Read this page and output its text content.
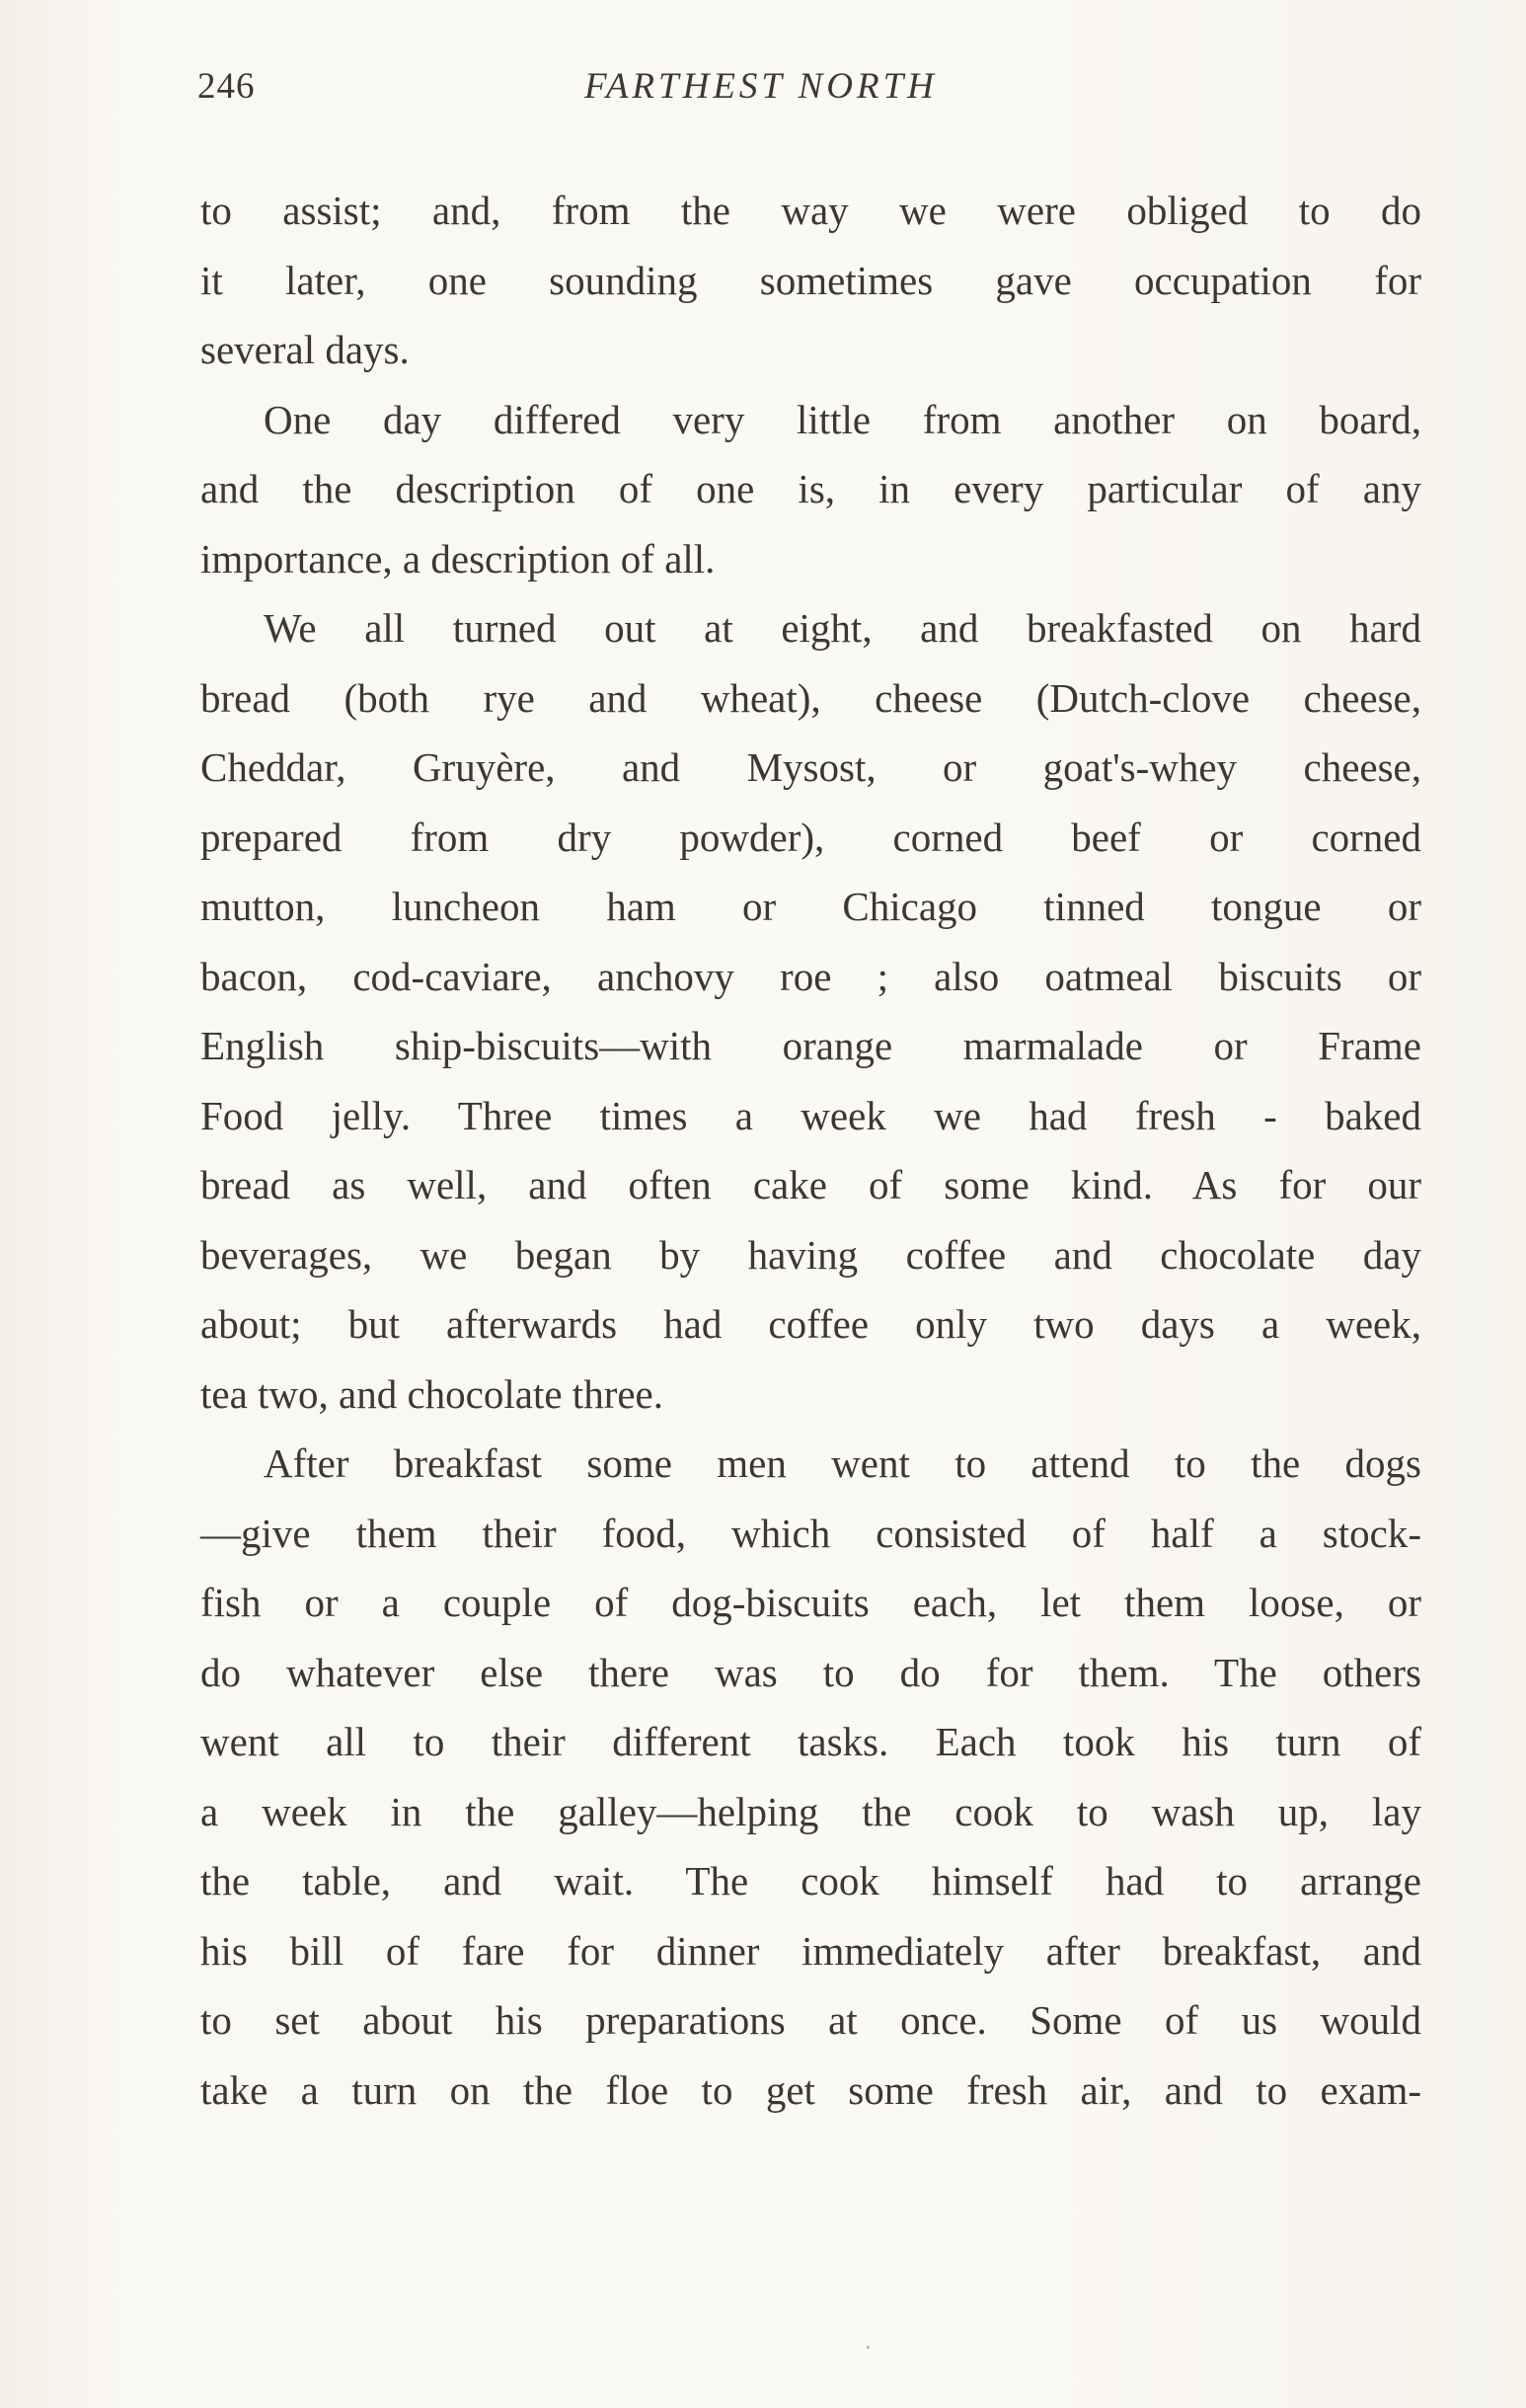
246	FARTHEST NORTH
to assist; and, from the way we were obliged to do
it later, one sounding sometimes gave occupation for
several days.
One day differed very little from another on board,
and the description of one is, in every particular of any
importance, a description of all.
We all turned out at eight, and breakfasted on hard
bread (both rye and wheat), cheese (Dutch-clove cheese,
Cheddar, Gruyère, and Mysost, or goat's-whey cheese,
prepared from dry powder), corned beef or corned
mutton, luncheon ham or Chicago tinned tongue or
bacon, cod-caviare, anchovy roe ; also oatmeal biscuits or
English ship-biscuits—with orange marmalade or Frame
Food jelly. Three times a week we had fresh - baked
bread as well, and often cake of some kind. As for our
beverages, we began by having coffee and chocolate day
about; but afterwards had coffee only two days a week,
tea two, and chocolate three.
After breakfast some men went to attend to the dogs
—give them their food, which consisted of half a stock-
fish or a couple of dog-biscuits each, let them loose, or
do whatever else there was to do for them. The others
went all to their different tasks. Each took his turn of
a week in the galley—helping the cook to wash up, lay
the table, and wait. The cook himself had to arrange
his bill of fare for dinner immediately after breakfast, and
to set about his preparations at once. Some of us would
take a turn on the floe to get some fresh air, and to exam-
